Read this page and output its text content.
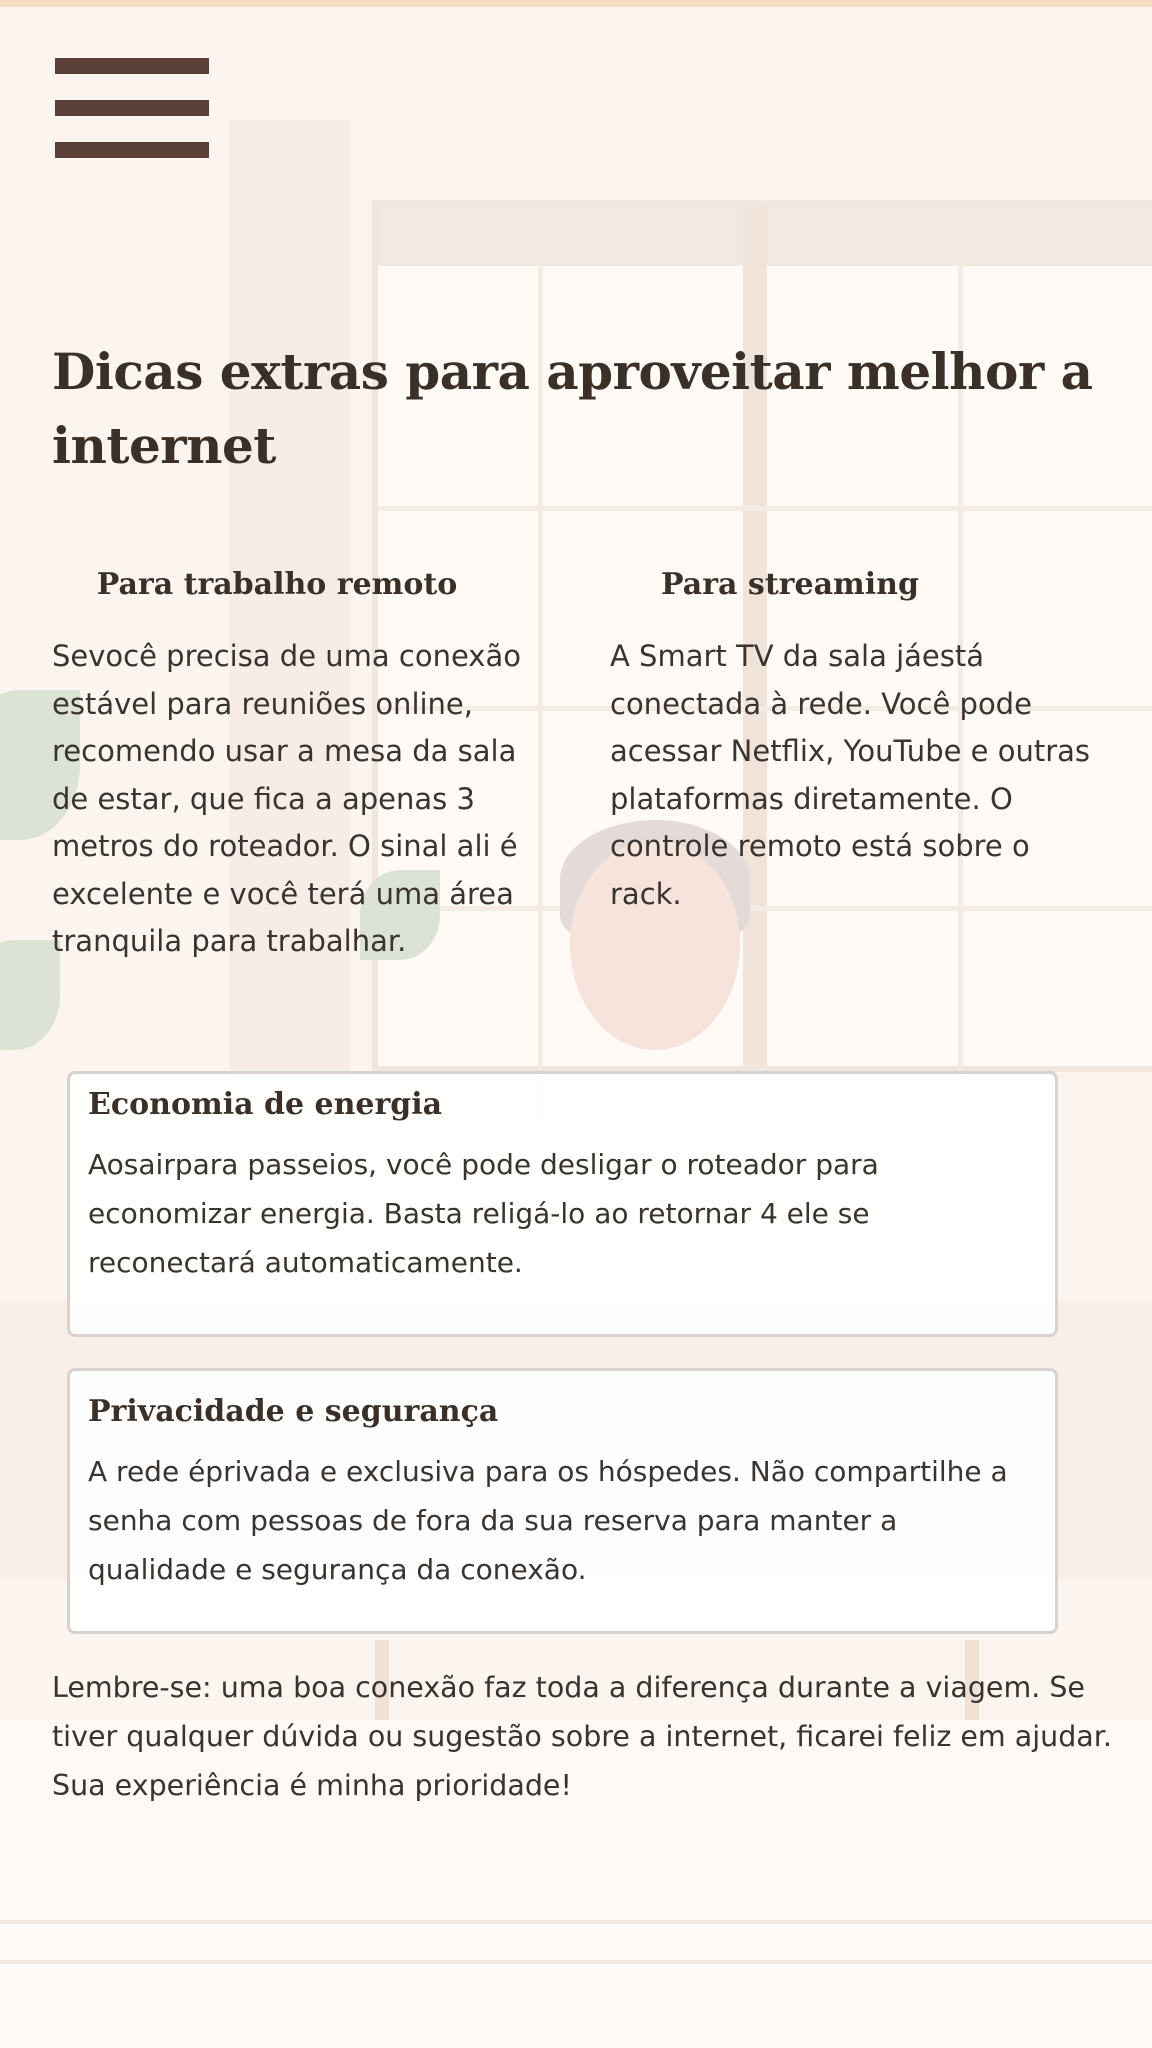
Dicas extras para aproveitar melhor a internet
Para trabalho remoto

Sevocê precisa de uma conexão estável para reuniões online, recomendo usar a mesa da sala de estar, que fica a apenas 3 metros do roteador. O sinal ali é excelente e você terá uma área tranquila para trabalhar.

Para streaming

A Smart TV da sala jáestá conectada à rede. Você pode acessar Netflix, YouTube e outras plataformas diretamente. O controle remoto está sobre o rack.

Economia de energia

Aosairpara passeios, você pode desligar o roteador para economizar energia. Basta religá-lo ao retornar 4 ele se reconectará automaticamente.

Privacidade e segurança

A rede éprivada e exclusiva para os hóspedes. Não compartilhe a senha com pessoas de fora da sua reserva para manter a qualidade e segurança da conexão.

Lembre-se: uma boa conexão faz toda a diferença durante a viagem. Se tiver qualquer dúvida ou sugestão sobre a internet, ficarei feliz em ajudar. Sua experiência é minha prioridade!
